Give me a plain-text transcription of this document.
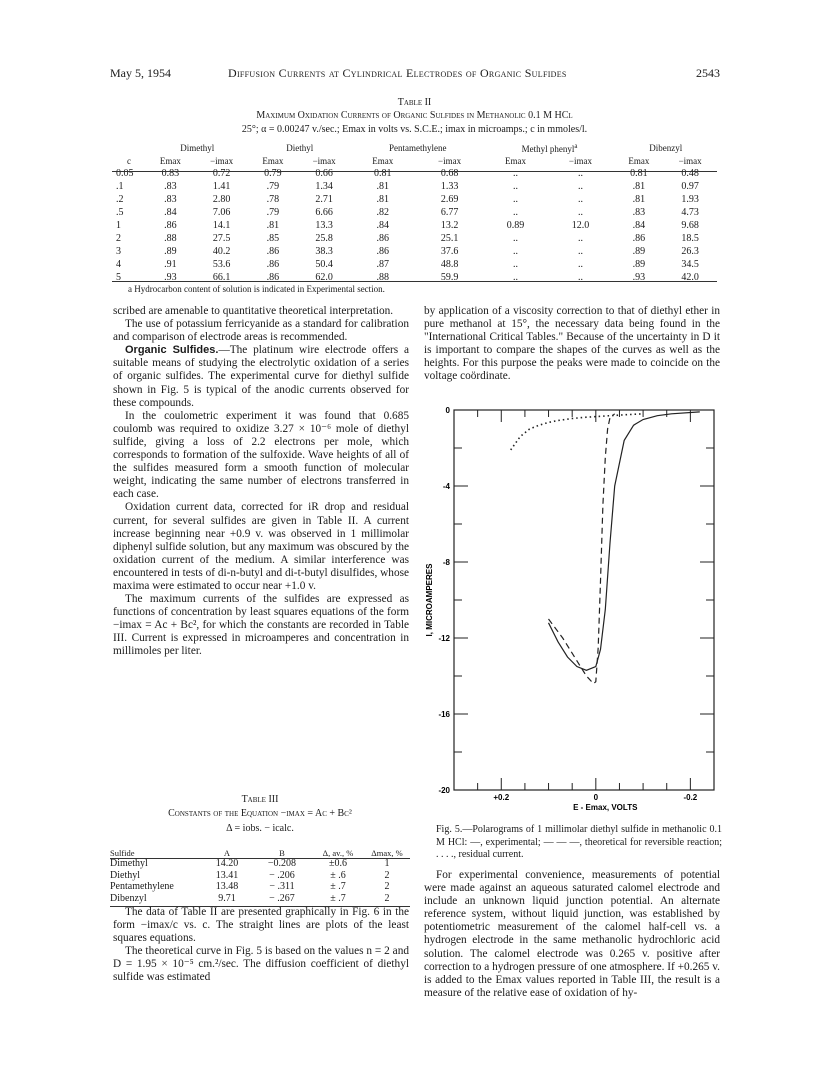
May 5, 1954	Diffusion Currents at Cylindrical Electrodes of Organic Sulfides	2543
Table II
Maximum Oxidation Currents of Organic Sulfides in Methanolic 0.1 M HCl
25°; α = 0.00247 v./sec.; Emax in volts vs. S.C.E.; imax in microamps.; c in mmoles/l.
	Dimethyl		Diethyl		Pentamethylene		Methyl phenyl$^a$		Dibenzyl	
c	Emax	−imax	Emax	−imax	Emax	−imax	Emax	−imax	Emax	−imax
0.05	0.83	0.72	0.79	0.66	0.81	0.68	..	..	0.81	0.48
.1	.83	1.41	.79	1.34	.81	1.33	..	..	.81	0.97
.2	.83	2.80	.78	2.71	.81	2.69	..	..	.81	1.93
.5	.84	7.06	.79	6.66	.82	6.77	..	..	.83	4.73
1	.86	14.1	.81	13.3	.84	13.2	0.89	12.0	.84	9.68
2	.88	27.5	.85	25.8	.86	25.1	..	..	.86	18.5
3	.89	40.2	.86	38.3	.86	37.6	..	..	.89	26.3
4	.91	53.6	.86	50.4	.87	48.8	..	..	.89	34.5
5	.93	66.1	.86	62.0	.88	59.9	..	..	.93	42.0
a Hydrocarbon content of solution is indicated in Experimental section.

scribed are amenable to quantitative theoretical interpretation.

The use of potassium ferricyanide as a standard for calibration and comparison of electrode areas is recommended.

Organic Sulfides.—The platinum wire electrode offers a suitable means of studying the electrolytic oxidation of a series of organic sulfides. The experimental curve for diethyl sulfide shown in Fig. 5 is typical of the anodic currents observed for these compounds.

In the coulometric experiment it was found that 0.685 coulomb was required to oxidize 3.27 × 10⁻⁶ mole of diethyl sulfide, giving a loss of 2.2 electrons per mole, which corresponds to formation of the sulfoxide. Wave heights of all of the sulfides measured form a smooth function of molecular weight, indicating the same number of electrons transferred in each case.

Oxidation current data, corrected for iR drop and residual current, for several sulfides are given in Table II. A current increase beginning near +0.9 v. was observed in 1 millimolar diphenyl sulfide solution, but any maximum was obscured by the oxidation current of the medium. A similar interference was encountered in tests of di-n-butyl and di-t-butyl disulfides, whose maxima were estimated to occur near +1.0 v.

The maximum currents of the sulfides are expressed as functions of concentration by least squares equations of the form −imax = Ac + Bc², for which the constants are recorded in Table III. Current is expressed in microamperes and concentration in millimoles per liter.

Table III
Constants of the Equation −imax = Ac + Bc²
Δ = iobs. − icalc.
Sulfide	A	B	Δ, av., %	Δmax, %
Dimethyl	14.20	−0.208	±0.6	1
Diethyl	13.41	− .206	± .6	2
Pentamethylene	13.48	− .311	± .7	2
Dibenzyl	9.71	− .267	± .7	2

The data of Table II are presented graphically in Fig. 6 in the form −imax/c vs. c. The straight lines are plots of the least squares equations.

The theoretical curve in Fig. 5 is based on the values n = 2 and D = 1.95 × 10⁻⁵ cm.²/sec. The diffusion coefficient of diethyl sulfide was estimated

by application of a viscosity correction to that of diethyl ether in pure methanol at 15°, the necessary data being found in the "International Critical Tables." Because of the uncertainty in D it is important to compare the shapes of the curves as well as the heights. For this purpose the peaks were made to coincide on the voltage coördinate.

0
-4
-8
-12
-16
-20
+0.2	0	-0.2
E - Emax, VOLTS
I, MICROAMPERES
Fig. 5.—Polarograms of 1 millimolar diethyl sulfide in methanolic 0.1 M HCl: —, experimental; — — —, theoretical for reversible reaction; . . . ., residual current.

For experimental convenience, measurements of potential were made against an aqueous saturated calomel electrode and include an unknown liquid junction potential. An alternate reference system, without liquid junction, was established by potentiometric measurement of the calomel half-cell vs. a hydrogen electrode in the same methanolic hydrochloric acid solution. The calomel electrode was 0.265 v. positive after correction to a hydrogen pressure of one atmosphere. If +0.265 v. is added to the Emax values reported in Table III, the result is a measure of the relative ease of oxidation of hy-
